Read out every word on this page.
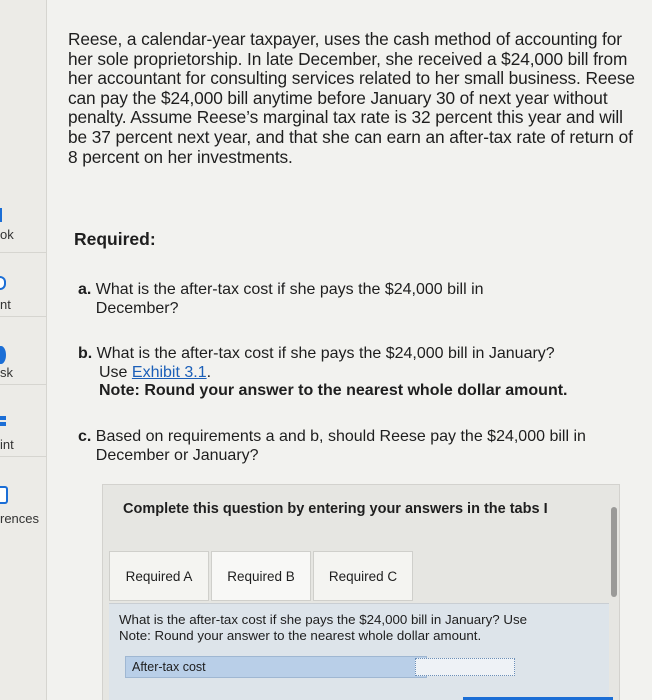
ok
nt
sk
int
rences

Reese, a calendar-year taxpayer, uses the cash method of accounting for her sole proprietorship. In late December, she received a $24,000 bill from her accountant for consulting services related to her small business. Reese can pay the $24,000 bill anytime before January 30 of next year without penalty. Assume Reese’s marginal tax rate is 32 percent this year and will be 37 percent next year, and that she can earn an after-tax rate of return of 8 percent on her investments.

Required:

a. What is the after-tax cost if she pays the $24,000 bill in December?
b. What is the after-tax cost if she pays the $24,000 bill in January?
Use Exhibit 3.1.
Note: Round your answer to the nearest whole dollar amount.
c. Based on requirements a and b, should Reese pay the $24,000 bill in December or January?
Complete this question by entering your answers in the tabs I
Required A	Required B	Required C
What is the after-tax cost if she pays the $24,000 bill in January? Use
Note: Round your answer to the nearest whole dollar amount.
After-tax cost
